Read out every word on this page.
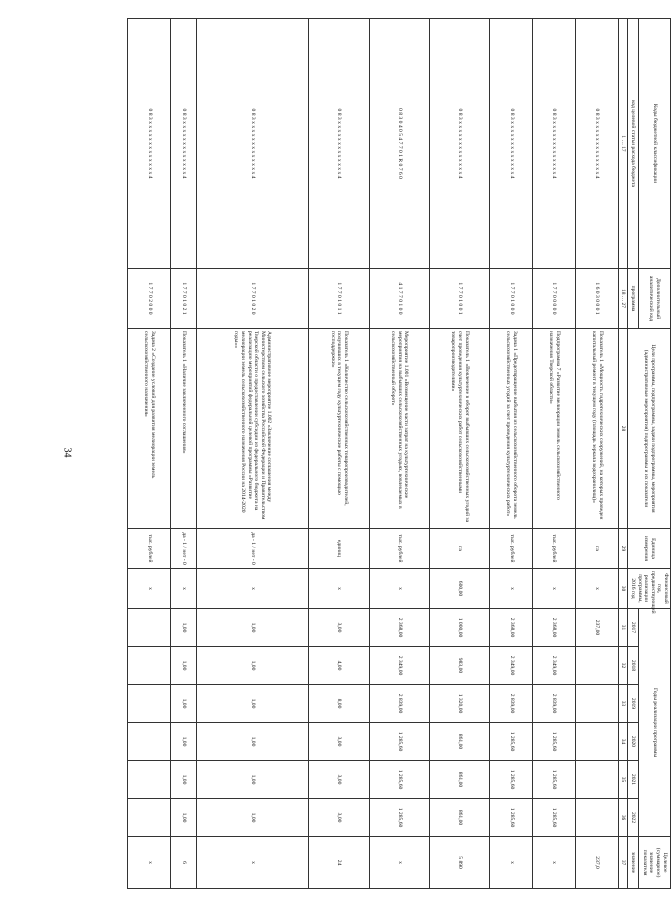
34
Коды бюджетной классификации	Дополнительный аналитический код	Цели программы, подпрограммы, задачи подпрограммы, мероприятия (административные мероприятия) подпрограммы и их показатели	Единица измерения	Финансовый год, предшествующий реализации программы, 2016 год	Годы реализации программы						Целевое (суммарное) значение показателя
код целевой статьи расхода бюджета	программа				2017	2018	2019	2020	2021	2022	значение
1 … 17	18 … 27	28	29	30	31	32	33	34	35	36	37
0 8 3 x x x x x x x x x x x x x 4	1 6 0 3 0 0 0 1	Показатель 1 «Мощность гидротехнических сооружений, на которых проведен капитальный ремонт в текущем году (площадь зеркала водохранилищ)»	га	x	237,00						237,0
0 8 3 x x x x x x x x x x x x x 4	1 7 7 0 0 0 0 0	Подпрограмма 7 «Развитие мелиорации земель сельскохозяйственного назначения Тверской области»	тыс. рублей	x	2 368,00	2 349,00	2 839,00	1 285,60	1 285,60	1 285,60	x
0 8 3 x x x x x x x x x x x x x 4	1 7 7 0 1 0 0 0	Задача 1 «Предотвращение выбытия из сельскохозяйственного оборота земель сельскохозяйственных угодий за счет проведения культуртехнических работ»	тыс. рублей	x	2 368,00	2 349,00	2 839,00	1 285,60	1 285,60	1 285,60	x
0 8 3 x x x x x x x x x x x x x 4	1 7 7 0 1 0 0 1	Показатель 1 «Вовлечение в оборот выбывших сельскохозяйственных угодий за счет проведения культуртехнических работ сельскохозяйственными товаропроизводителями»	га	600,00	1 000,00	983,00	1 320,00	861,00	861,00	861,00	5 890
0 8 3 0 4 0 5 4 7 7 0 1 R 0 7 6 0	4 1 7 7 0 1 0 0	Мероприятие 1.001 «Возмещение части затрат на культуртехнические мероприятия на выбывших сельскохозяйственных угодьях, вовлекаемых в сельскохозяйственный оборот»	тыс. рублей	x	2 368,00	2 349,00	2 839,00	1 285,60	1 285,60	1 285,60	x
0 8 3 x x x x x x x x x x x x x 4	1 7 7 0 1 0 1 1	Показатель 1 «Количество сельскохозяйственных товаропроизводителей, получивших в текущем году культуртехнические работы с помощью господдержки»	единиц	x	3,00	4,00	8,00	3,00	3,00	3,00	24
0 8 3 x x x x x x x x x x x x x 4	1 7 7 0 1 0 2 0	Административное мероприятие 1.002 «Заключение соглашения между Министерством сельского хозяйства Российской Федерации и Правительством Тверской области о предоставлении субсидии из федерального бюджета на реализацию мероприятий федеральной целевой программы «Развитие мелиорации земель сельскохозяйственного назначения России на 2014-2020 годы»»	да - 1 / нет - 0	x	1,00	1,00	1,00	1,00	1,00	1,00	x
0 8 3 x x x x x x x x x x x x x 4	1 7 7 0 1 0 2 1	Показатель 1 «Наличие заключенного соглашения»	да - 1 / нет - 0	x	1,00	1,00	1,00	1,00	1,00	1,00	6
0 8 3 x x x x x x x x x x x x x 4	1 7 7 0 2 0 0 0	Задача 2 «Создание условий для развития мелиорации земель сельскохозяйственного назначения»	тыс. рублей	x							x
